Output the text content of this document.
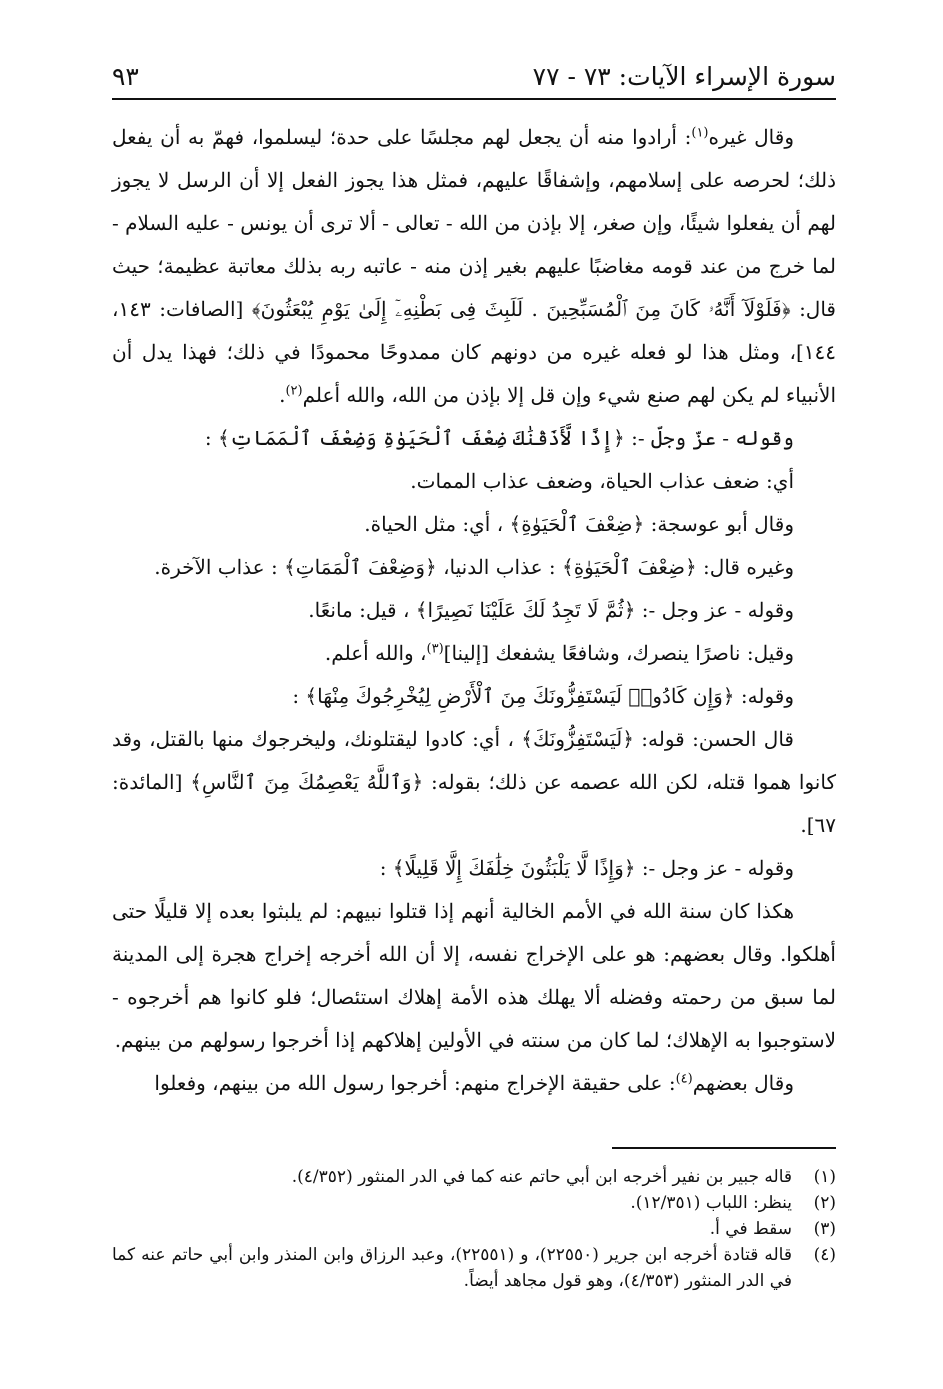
سورة الإسراء الآيات: ٧٣ - ٧٧
٩٣

وقال غيره$^{(١)}$: أرادوا منه أن يجعل لهم مجلسًا على حدة؛ ليسلموا، فهمّ به أن يفعل ذلك؛ لحرصه على إسلامهم، وإشفاقًا عليهم، فمثل هذا يجوز الفعل إلا أن الرسل لا يجوز لهم أن يفعلوا شيئًا، وإن صغر، إلا بإذن من الله - تعالى - ألا ترى أن يونس - عليه السلام - لما خرج من عند قومه مغاضبًا عليهم بغير إذن منه - عاتبه ربه بذلك معاتبة عظيمة؛ حيث قال: ﴿فَلَوْلَآ أَنَّهُۥ كَانَ مِنَ ٱلْمُسَبِّحِينَ . لَلَبِثَ فِى بَطْنِهِۦٓ إِلَىٰ يَوْمِ يُبْعَثُونَ﴾ [الصافات: ١٤٣، ١٤٤]، ومثل هذا لو فعله غيره من دونهم كان ممدوحًا محمودًا في ذلك؛ فهذا يدل أن الأنبياء لم يكن لهم صنع شيء وإن قل إلا بإذن من الله، والله أعلم$^{(٢)}$.

وقوله - عزّ وجلّ -: ﴿إِذًا لَّأَذَقْنَٰكَ ضِعْفَ ٱلْحَيَوٰةِ وَضِعْفَ ٱلْمَمَاتِ﴾ :

أي: ضعف عذاب الحياة، وضعف عذاب الممات.

وقال أبو عوسجة: ﴿ضِعْفَ ٱلْحَيَوٰةِ﴾ ، أي: مثل الحياة.

وغيره قال: ﴿ضِعْفَ ٱلْحَيَوٰةِ﴾ : عذاب الدنيا، ﴿وَضِعْفَ ٱلْمَمَاتِ﴾ : عذاب الآخرة.

وقوله - عز وجل -: ﴿ثُمَّ لَا تَجِدُ لَكَ عَلَيْنَا نَصِيرًا﴾ ، قيل: مانعًا.

وقيل: ناصرًا ينصرك، وشافعًا يشفعك [إلينا]$^{(٣)}$، والله أعلم.

وقوله: ﴿وَإِن كَادُوا۟ لَيَسْتَفِزُّونَكَ مِنَ ٱلْأَرْضِ لِيُخْرِجُوكَ مِنْهَا﴾ :

قال الحسن: قوله: ﴿لَيَسْتَفِزُّونَكَ﴾ ، أي: كادوا ليقتلونك، وليخرجوك منها بالقتل، وقد كانوا هموا قتله، لكن الله عصمه عن ذلك؛ بقوله: ﴿وَٱللَّهُ يَعْصِمُكَ مِنَ ٱلنَّاسِ﴾ [المائدة: ٦٧].

وقوله - عز وجل -: ﴿وَإِذًا لَّا يَلْبَثُونَ خِلَٰفَكَ إِلَّا قَلِيلًا﴾ :

هكذا كان سنة الله في الأمم الخالية أنهم إذا قتلوا نبيهم: لم يلبثوا بعده إلا قليلًا حتى أهلكوا. وقال بعضهم: هو على الإخراج نفسه، إلا أن الله أخرجه إخراج هجرة إلى المدينة لما سبق من رحمته وفضله ألا يهلك هذه الأمة إهلاك استئصال؛ فلو كانوا هم أخرجوه - لاستوجبوا به الإهلاك؛ لما كان من سنته في الأولين إهلاكهم إذا أخرجوا رسولهم من بينهم.

وقال بعضهم$^{(٤)}$: على حقيقة الإخراج منهم: أخرجوا رسول الله من بينهم، وفعلوا

(١)
قاله جبير بن نفير أخرجه ابن أبي حاتم عنه كما في الدر المنثور (٤/٣٥٢).
(٢)
ينظر: اللباب (١٢/٣٥١).
(٣)
سقط في أ.
(٤)
قاله قتادة أخرجه ابن جرير (٢٢٥٥٠)، و (٢٢٥٥١)، وعبد الرزاق وابن المنذر وابن أبي حاتم عنه كما في الدر المنثور (٤/٣٥٣)، وهو قول مجاهد أيضاً.
